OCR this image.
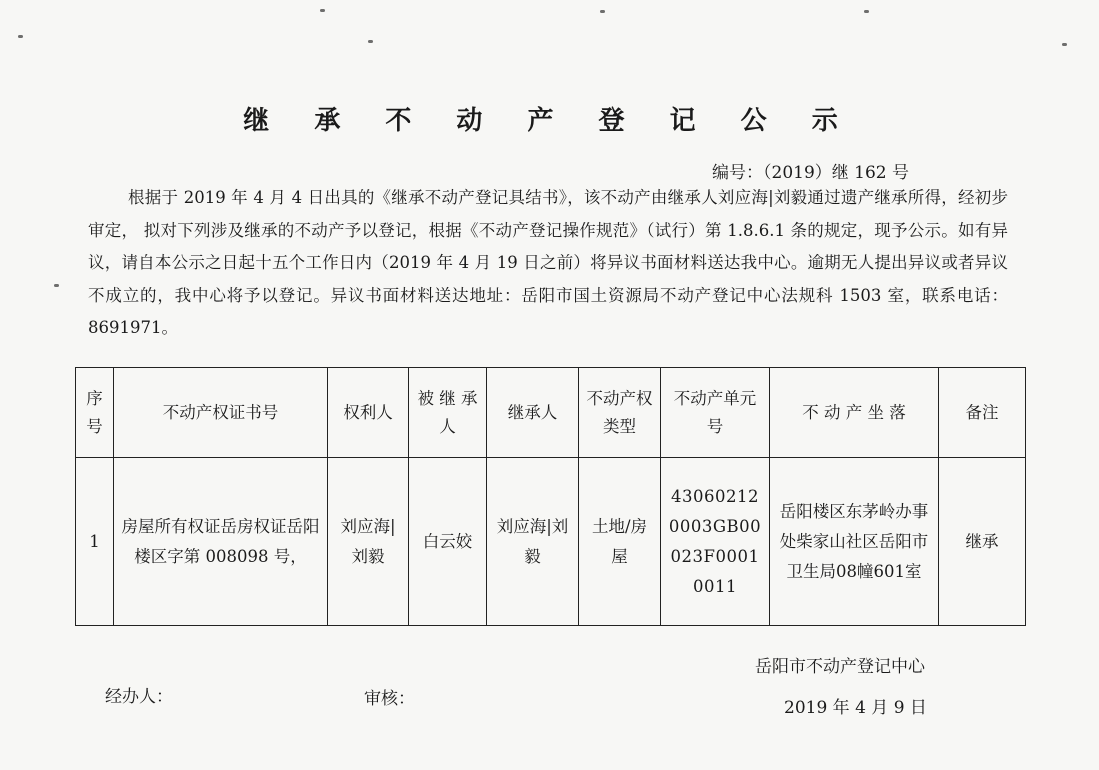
继 承 不 动 产 登 记 公 示
编号：（2019）继 162 号
根据于 2019 年 4 月 4 日出具的《继承不动产登记具结书》，该不动产由继承人刘应海|刘毅通过遗产继承所得，经初步审定， 拟对下列涉及继承的不动产予以登记，根据《不动产登记操作规范》（试行）第 1.8.6.1 条的规定，现予公示。如有异议，请自本公示之日起十五个工作日内（2019 年 4 月 19 日之前）将异议书面材料送达我中心。逾期无人提出异议或者异议不成立的，我中心将予以登记。异议书面材料送达地址：岳阳市国土资源局不动产登记中心法规科 1503 室，联系电话：8691971。
序号	不动产权证书号	权利人	被 继 承 人	继承人	不动产权类型	不动产单元号	不 动 产 坐 落	备注
1	房屋所有权证岳房权证岳阳楼区字第 008098 号，	刘应海|刘毅	白云姣	刘应海|刘毅	土地/房屋	430602120003GB00023F00010011	岳阳楼区东茅岭办事处柴家山社区岳阳市卫生局08幢601室	继承
岳阳市不动产登记中心
经办人：	审核：	2019 年 4 月 9 日
